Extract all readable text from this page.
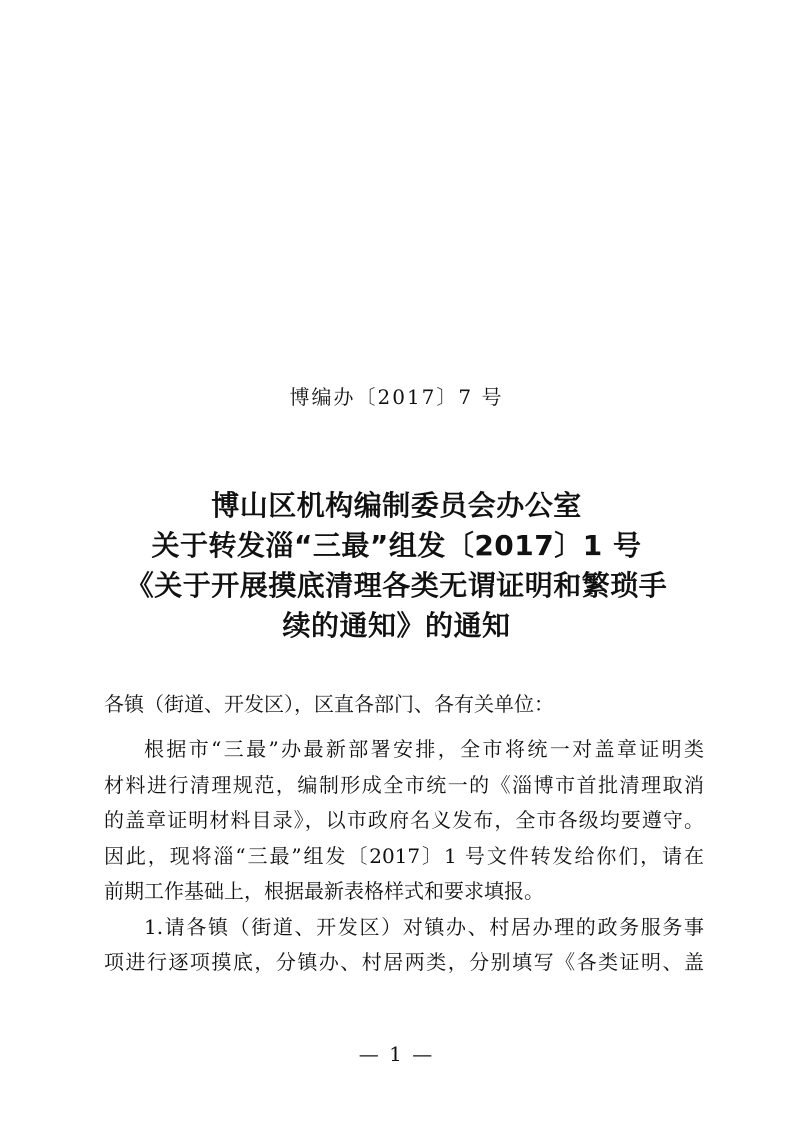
博编办〔2017〕7 号
博山区机构编制委员会办公室
关于转发淄“三最”组发〔2017〕1 号
《关于开展摸底清理各类无谓证明和繁琐手
续的通知》的通知
各镇（街道、开发区），区直各部门、各有关单位：
根据市“三最”办最新部署安排，全市将统一对盖章证明类
材料进行清理规范，编制形成全市统一的《淄博市首批清理取消
的盖章证明材料目录》，以市政府名义发布，全市各级均要遵守。
因此，现将淄“三最”组发〔2017〕1 号文件转发给你们，请在
前期工作基础上，根据最新表格样式和要求填报。
1.请各镇（街道、开发区）对镇办、村居办理的政务服务事
项进行逐项摸底，分镇办、村居两类，分别填写《各类证明、盖
— 1 —
